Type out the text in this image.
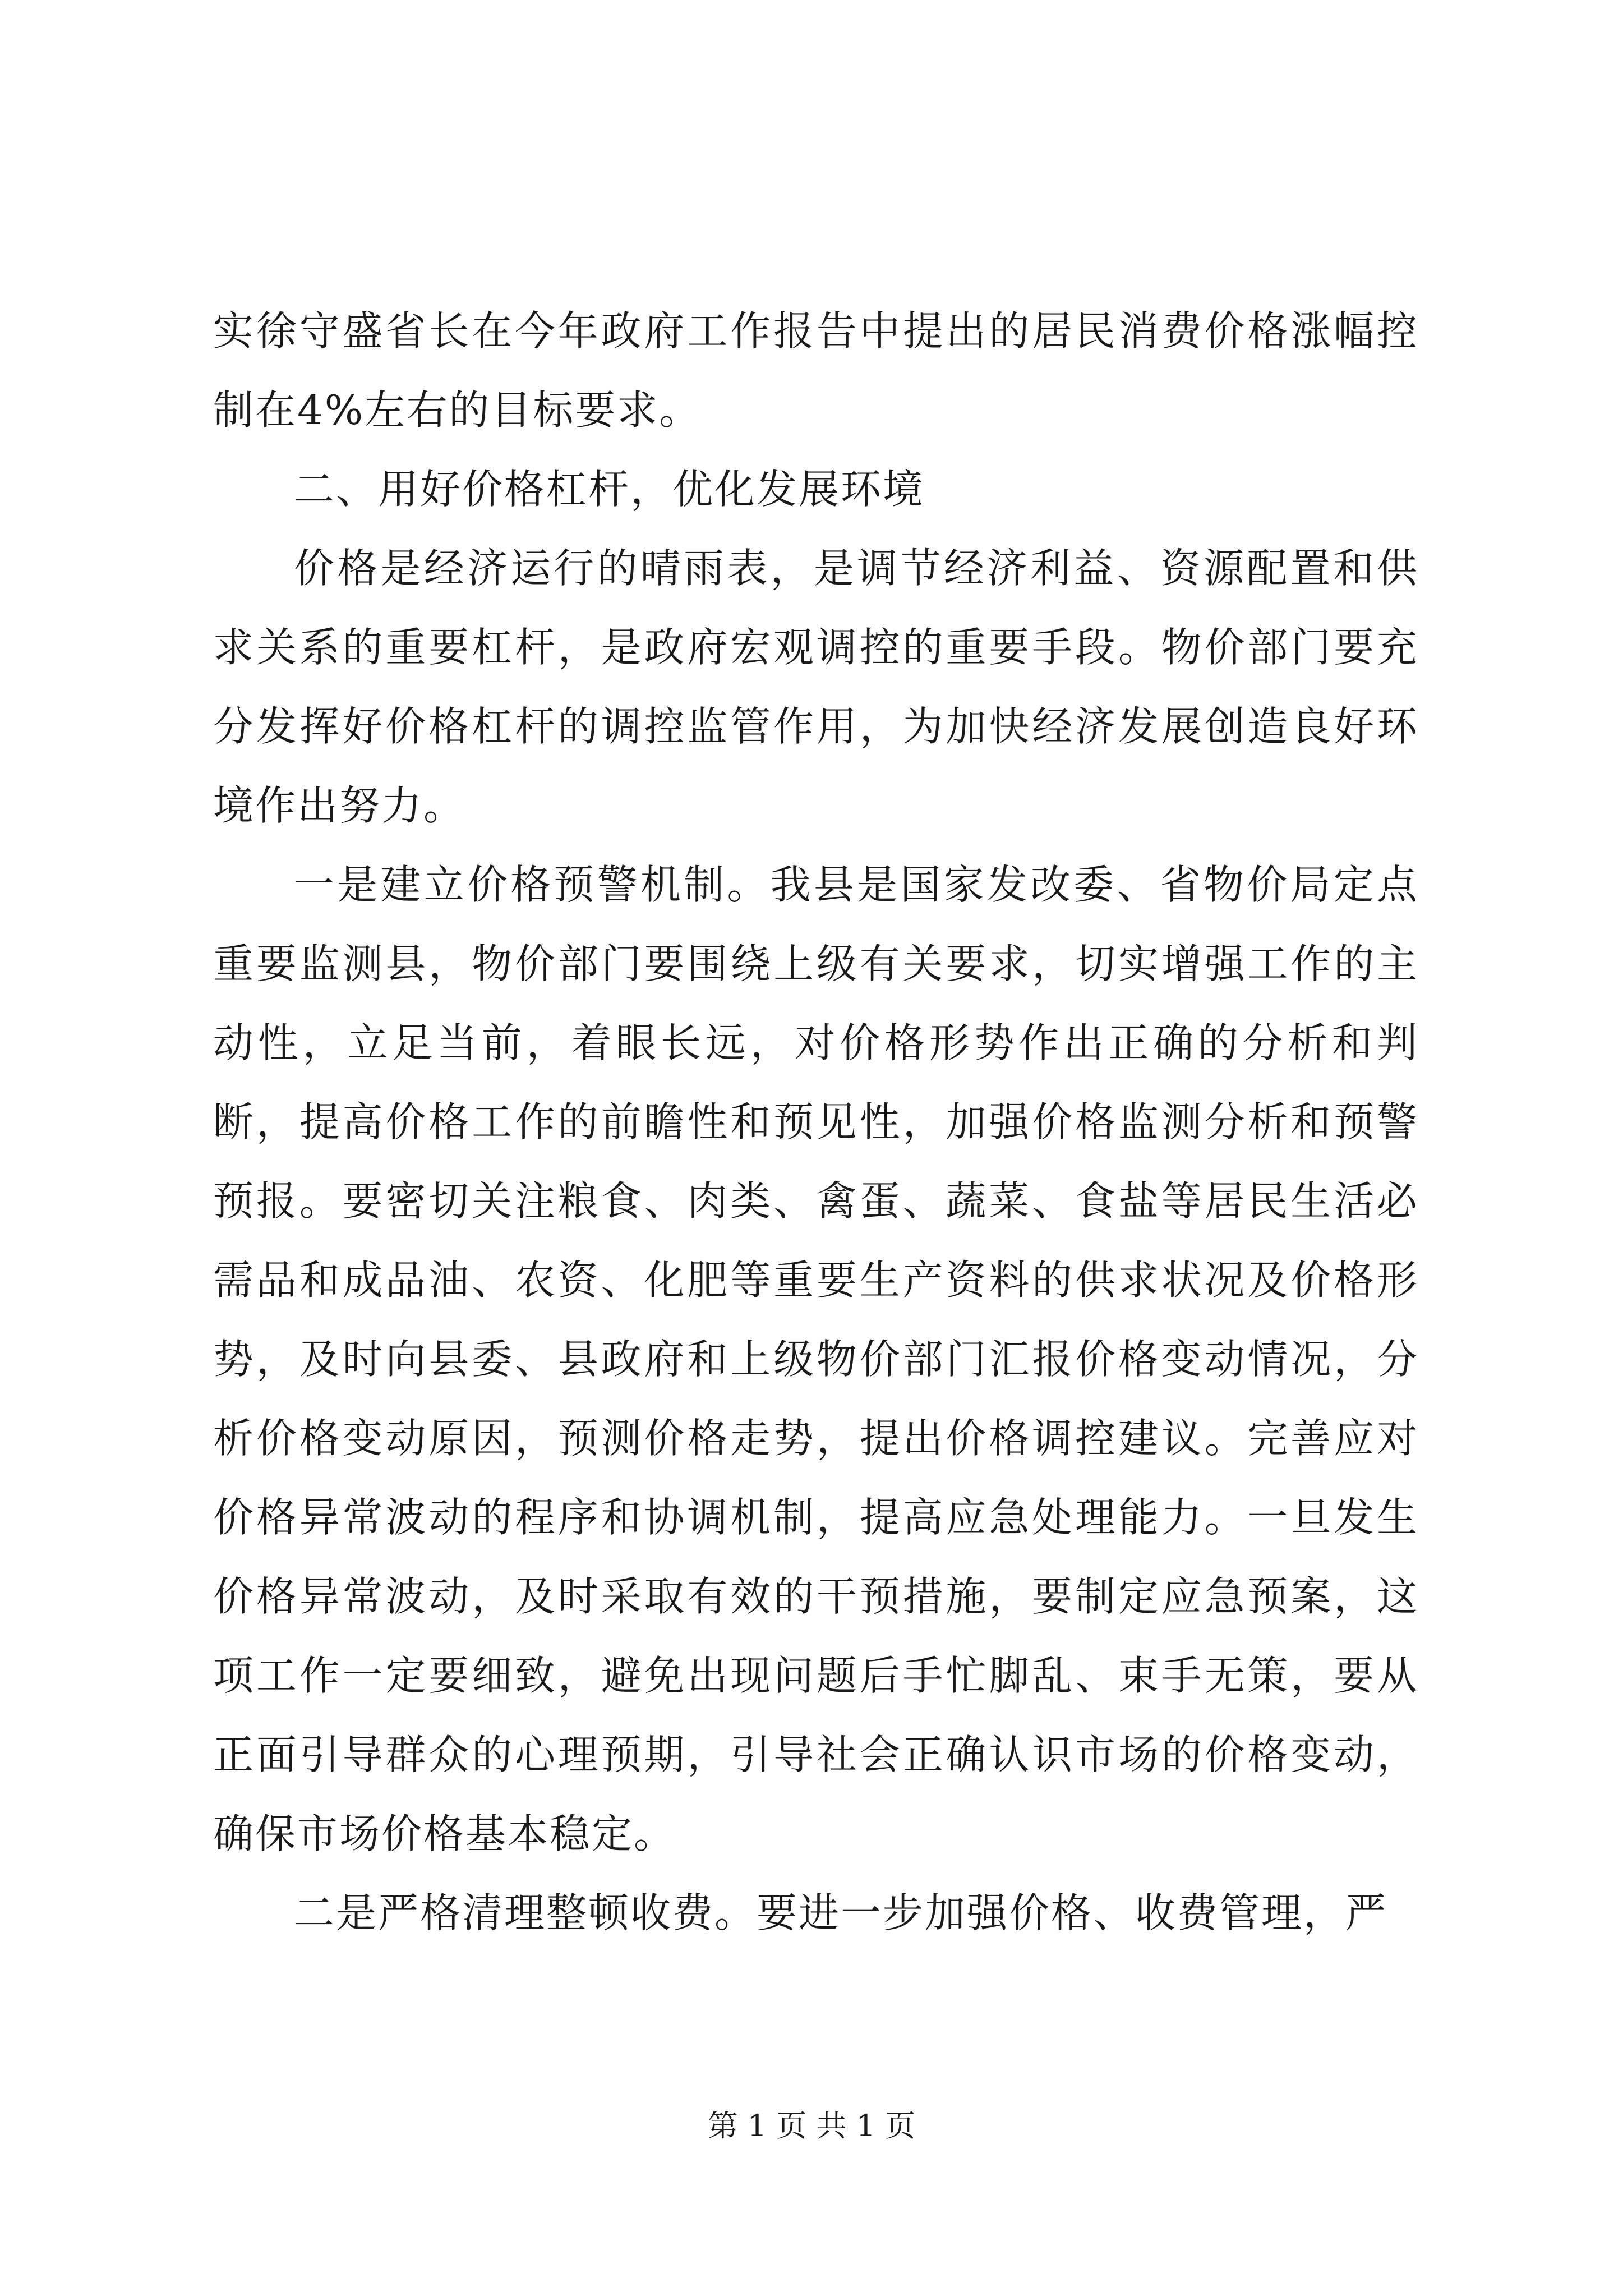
实徐守盛省长在今年政府工作报告中提出的居民消费价格涨幅控制在4%左右的目标要求。

二、用好价格杠杆，优化发展环境

价格是经济运行的晴雨表，是调节经济利益、资源配置和供求关系的重要杠杆，是政府宏观调控的重要手段。物价部门要充分发挥好价格杠杆的调控监管作用，为加快经济发展创造良好环境作出努力。

一是建立价格预警机制。我县是国家发改委、省物价局定点重要监测县，物价部门要围绕上级有关要求，切实增强工作的主动性，立足当前，着眼长远，对价格形势作出正确的分析和判断，提高价格工作的前瞻性和预见性，加强价格监测分析和预警预报。要密切关注粮食、肉类、禽蛋、蔬菜、食盐等居民生活必需品和成品油、农资、化肥等重要生产资料的供求状况及价格形势，及时向县委、县政府和上级物价部门汇报价格变动情况，分析价格变动原因，预测价格走势，提出价格调控建议。完善应对价格异常波动的程序和协调机制，提高应急处理能力。一旦发生价格异常波动，及时采取有效的干预措施，要制定应急预案，这项工作一定要细致，避免出现问题后手忙脚乱、束手无策，要从正面引导群众的心理预期，引导社会正确认识市场的价格变动，确保市场价格基本稳定。

二是严格清理整顿收费。要进一步加强价格、收费管理，严

第 1 页 共 1 页
